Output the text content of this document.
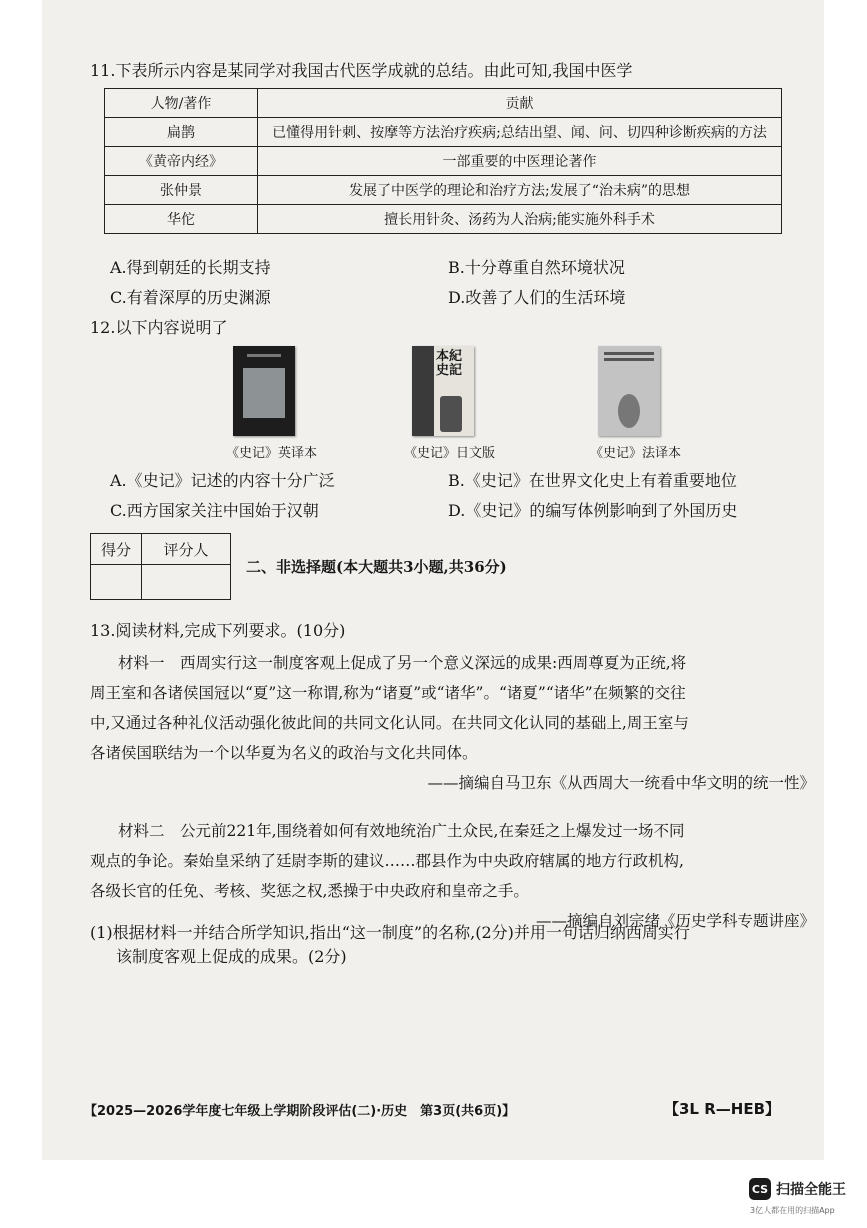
11.下表所示内容是某同学对我国古代医学成就的总结。由此可知,我国中医学
人物/著作	贡献
扁鹊	已懂得用针刺、按摩等方法治疗疾病;总结出望、闻、问、切四种诊断疾病的方法
《黄帝内经》	一部重要的中医理论著作
张仲景	发展了中医学的理论和治疗方法;发展了“治未病”的思想
华佗	擅长用针灸、汤药为人治病;能实施外科手术
A.得到朝廷的长期支持	B.十分尊重自然环境状况
C.有着深厚的历史渊源	D.改善了人们的生活环境
12.以下内容说明了
本紀 史記
《史记》英译本	《史记》日文版	《史记》法译本
A.《史记》记述的内容十分广泛	B.《史记》在世界文化史上有着重要地位
C.西方国家关注中国始于汉朝	D.《史记》的编写体例影响到了外国历史
得分	评分人

二、非选择题(本大题共3小题,共36分)
13.阅读材料,完成下列要求。(10分)
材料一　西周实行这一制度客观上促成了另一个意义深远的成果:西周尊夏为正统,将
周王室和各诸侯国冠以“夏”这一称谓,称为“诸夏”或“诸华”。“诸夏”“诸华”在频繁的交往
中,又通过各种礼仪活动强化彼此间的共同文化认同。在共同文化认同的基础上,周王室与
各诸侯国联结为一个以华夏为名义的政治与文化共同体。
——摘编自马卫东《从西周大一统看中华文明的统一性》
材料二　公元前221年,围绕着如何有效地统治广土众民,在秦廷之上爆发过一场不同
观点的争论。秦始皇采纳了廷尉李斯的建议……郡县作为中央政府辖属的地方行政机构,
各级长官的任免、考核、奖惩之权,悉操于中央政府和皇帝之手。
——摘编自刘宗绪《历史学科专题讲座》
(1)根据材料一并结合所学知识,指出“这一制度”的名称,(2分)并用一句话归纳西周实行
该制度客观上促成的成果。(2分)
【2025—2026学年度七年级上学期阶段评估(二)·历史　第3页(共6页)】	【3L R—HEB】
CS 扫描全能王
3亿人都在用的扫描App
